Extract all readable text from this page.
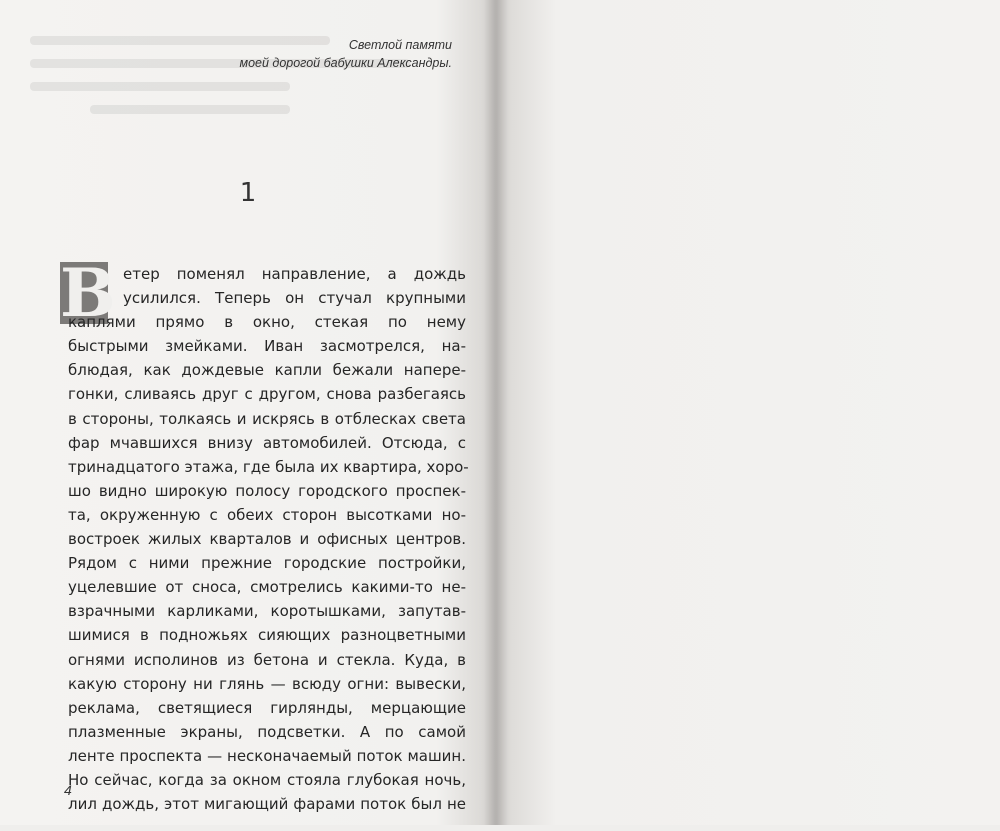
Светлой памяти
моей дорогой бабушки Александры.
1
В етер поменял направление, а дождь
усилился. Теперь он стучал крупными
каплями прямо в окно, стекая по нему
быстрыми змейками. Иван засмотрелся, на-
блюдая, как дождевые капли бежали напере-
гонки, сливаясь друг с другом, снова разбегаясь
в стороны, толкаясь и искрясь в отблесках света
фар мчавшихся внизу автомобилей. Отсюда, с
тринадцатого этажа, где была их квартира, хоро-
шо видно широкую полосу городского проспек-
та, окруженную с обеих сторон высотками но-
востроек жилых кварталов и офисных центров.
Рядом с ними прежние городские постройки,
уцелевшие от сноса, смотрелись какими-то не-
взрачными карликами, коротышками, запутав-
шимися в подножьях сияющих разноцветными
огнями исполинов из бетона и стекла. Куда, в
какую сторону ни глянь — всюду огни: вывески,
реклама, светящиеся гирлянды, мерцающие
плазменные экраны, подсветки. А по самой
ленте проспекта — несконачаемый поток машин.
Но сейчас, когда за окном стояла глубокая ночь,
лил дождь, этот мигающий фарами поток был не
4
